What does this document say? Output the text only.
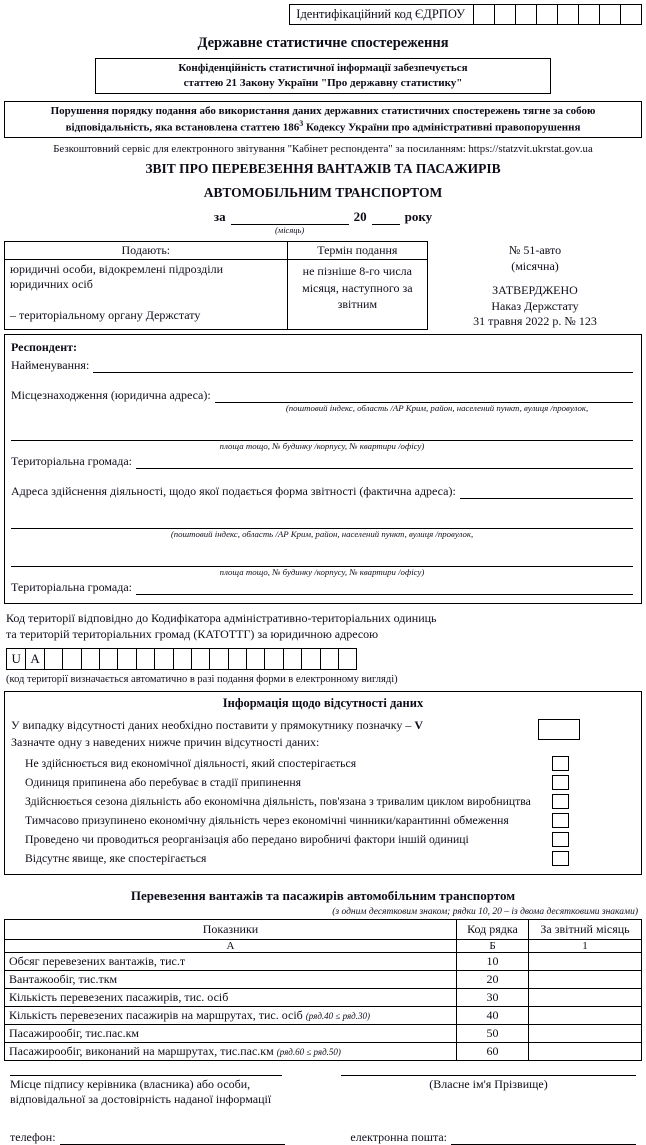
Ідентифікаційний код ЄДРПОУ
Державне статистичне спостереження
Конфіденційність статистичної інформації забезпечується
статтею 21 Закону України "Про державну статистику"
Порушення порядку подання або використання даних державних статистичних спостережень тягне за собою
відповідальність, яка встановлена статтею $186^3$ Кодексу України про адміністративні правопорушення
Безкоштовний сервіс для електронного звітування "Кабінет респондента" за посиланням: https://statzvit.ukrstat.gov.ua
ЗВІТ ПРО ПЕРЕВЕЗЕННЯ ВАНТАЖІВ ТА ПАСАЖИРІВ
АВТОМОБІЛЬНИМ ТРАНСПОРТОМ
за
(місяць)
20	року
Подають:	Термін подання

юридичні особи, відокремлені підрозділи юридичних осіб
– територіальному органу Держстату	не пізніше 8-го числа місяця, наступного за звітним
№ 51-авто
(місячна)
ЗАТВЕРДЖЕНО
Наказ Держстату
31 травня 2022 р. № 123
Респондент:
Найменування:
Місцезнаходження (юридична адреса):
(поштовий індекс, область /АР Крим, район, населений пункт, вулиця /провулок,
площа тощо, № будинку /корпусу, № квартири /офісу)
Територіальна громада:
Адреса здійснення діяльності, щодо якої подається форма звітності (фактична адреса):
(поштовий індекс, область /АР Крим, район, населений пункт, вулиця /провулок,
площа тощо, № будинку /корпусу, № квартири /офісу)
Територіальна громада:
Код території відповідно до Кодифікатора адміністративно-територіальних одиниць
та територій територіальних громад (КАТОТТГ) за юридичною адресою
U A
(код території визначається автоматично в разі подання форми в електронному вигляді)
Інформація щодо відсутності даних
У випадку відсутності даних необхідно поставити у прямокутнику позначку – V
Зазначте одну з наведених нижче причин відсутності даних:
Не здійснюється вид економічної діяльності, який спостерігається
Одиниця припинена або перебуває в стадії припинення
Здійснюється сезона діяльність або економічна діяльність, пов'язана з тривалим циклом виробництва
Тимчасово призупинено економічну діяльність через економічні чинники/карантинні обмеження
Проведено чи проводиться реорганізація або передано виробничі фактори іншій одиниці
Відсутнє явище, яке спостерігається
Перевезення вантажів та пасажирів автомобільним транспортом
(з одним десятковим знаком; рядки 10, 20 – із двома десятковими знаками)
Показники	Код рядка	За звітний місяць
А	Б	1
Обсяг перевезених вантажів, тис.т	10	
Вантажообіг, тис.ткм	20	
Кількість перевезених пасажирів, тис. осіб	30	
Кількість перевезених пасажирів на маршрутах, тис. осіб (ряд.40 ≤ ряд.30)	40	
Пасажирообіг, тис.пас.км	50	
Пасажирообіг, виконаний на маршрутах, тис.пас.км (ряд.60 ≤ ряд.50)	60	
Місце підпису керівника (власника) або особи,
відповідальної за достовірність наданої інформації
(Власне ім'я Прізвище)
телефон:	електронна пошта:
